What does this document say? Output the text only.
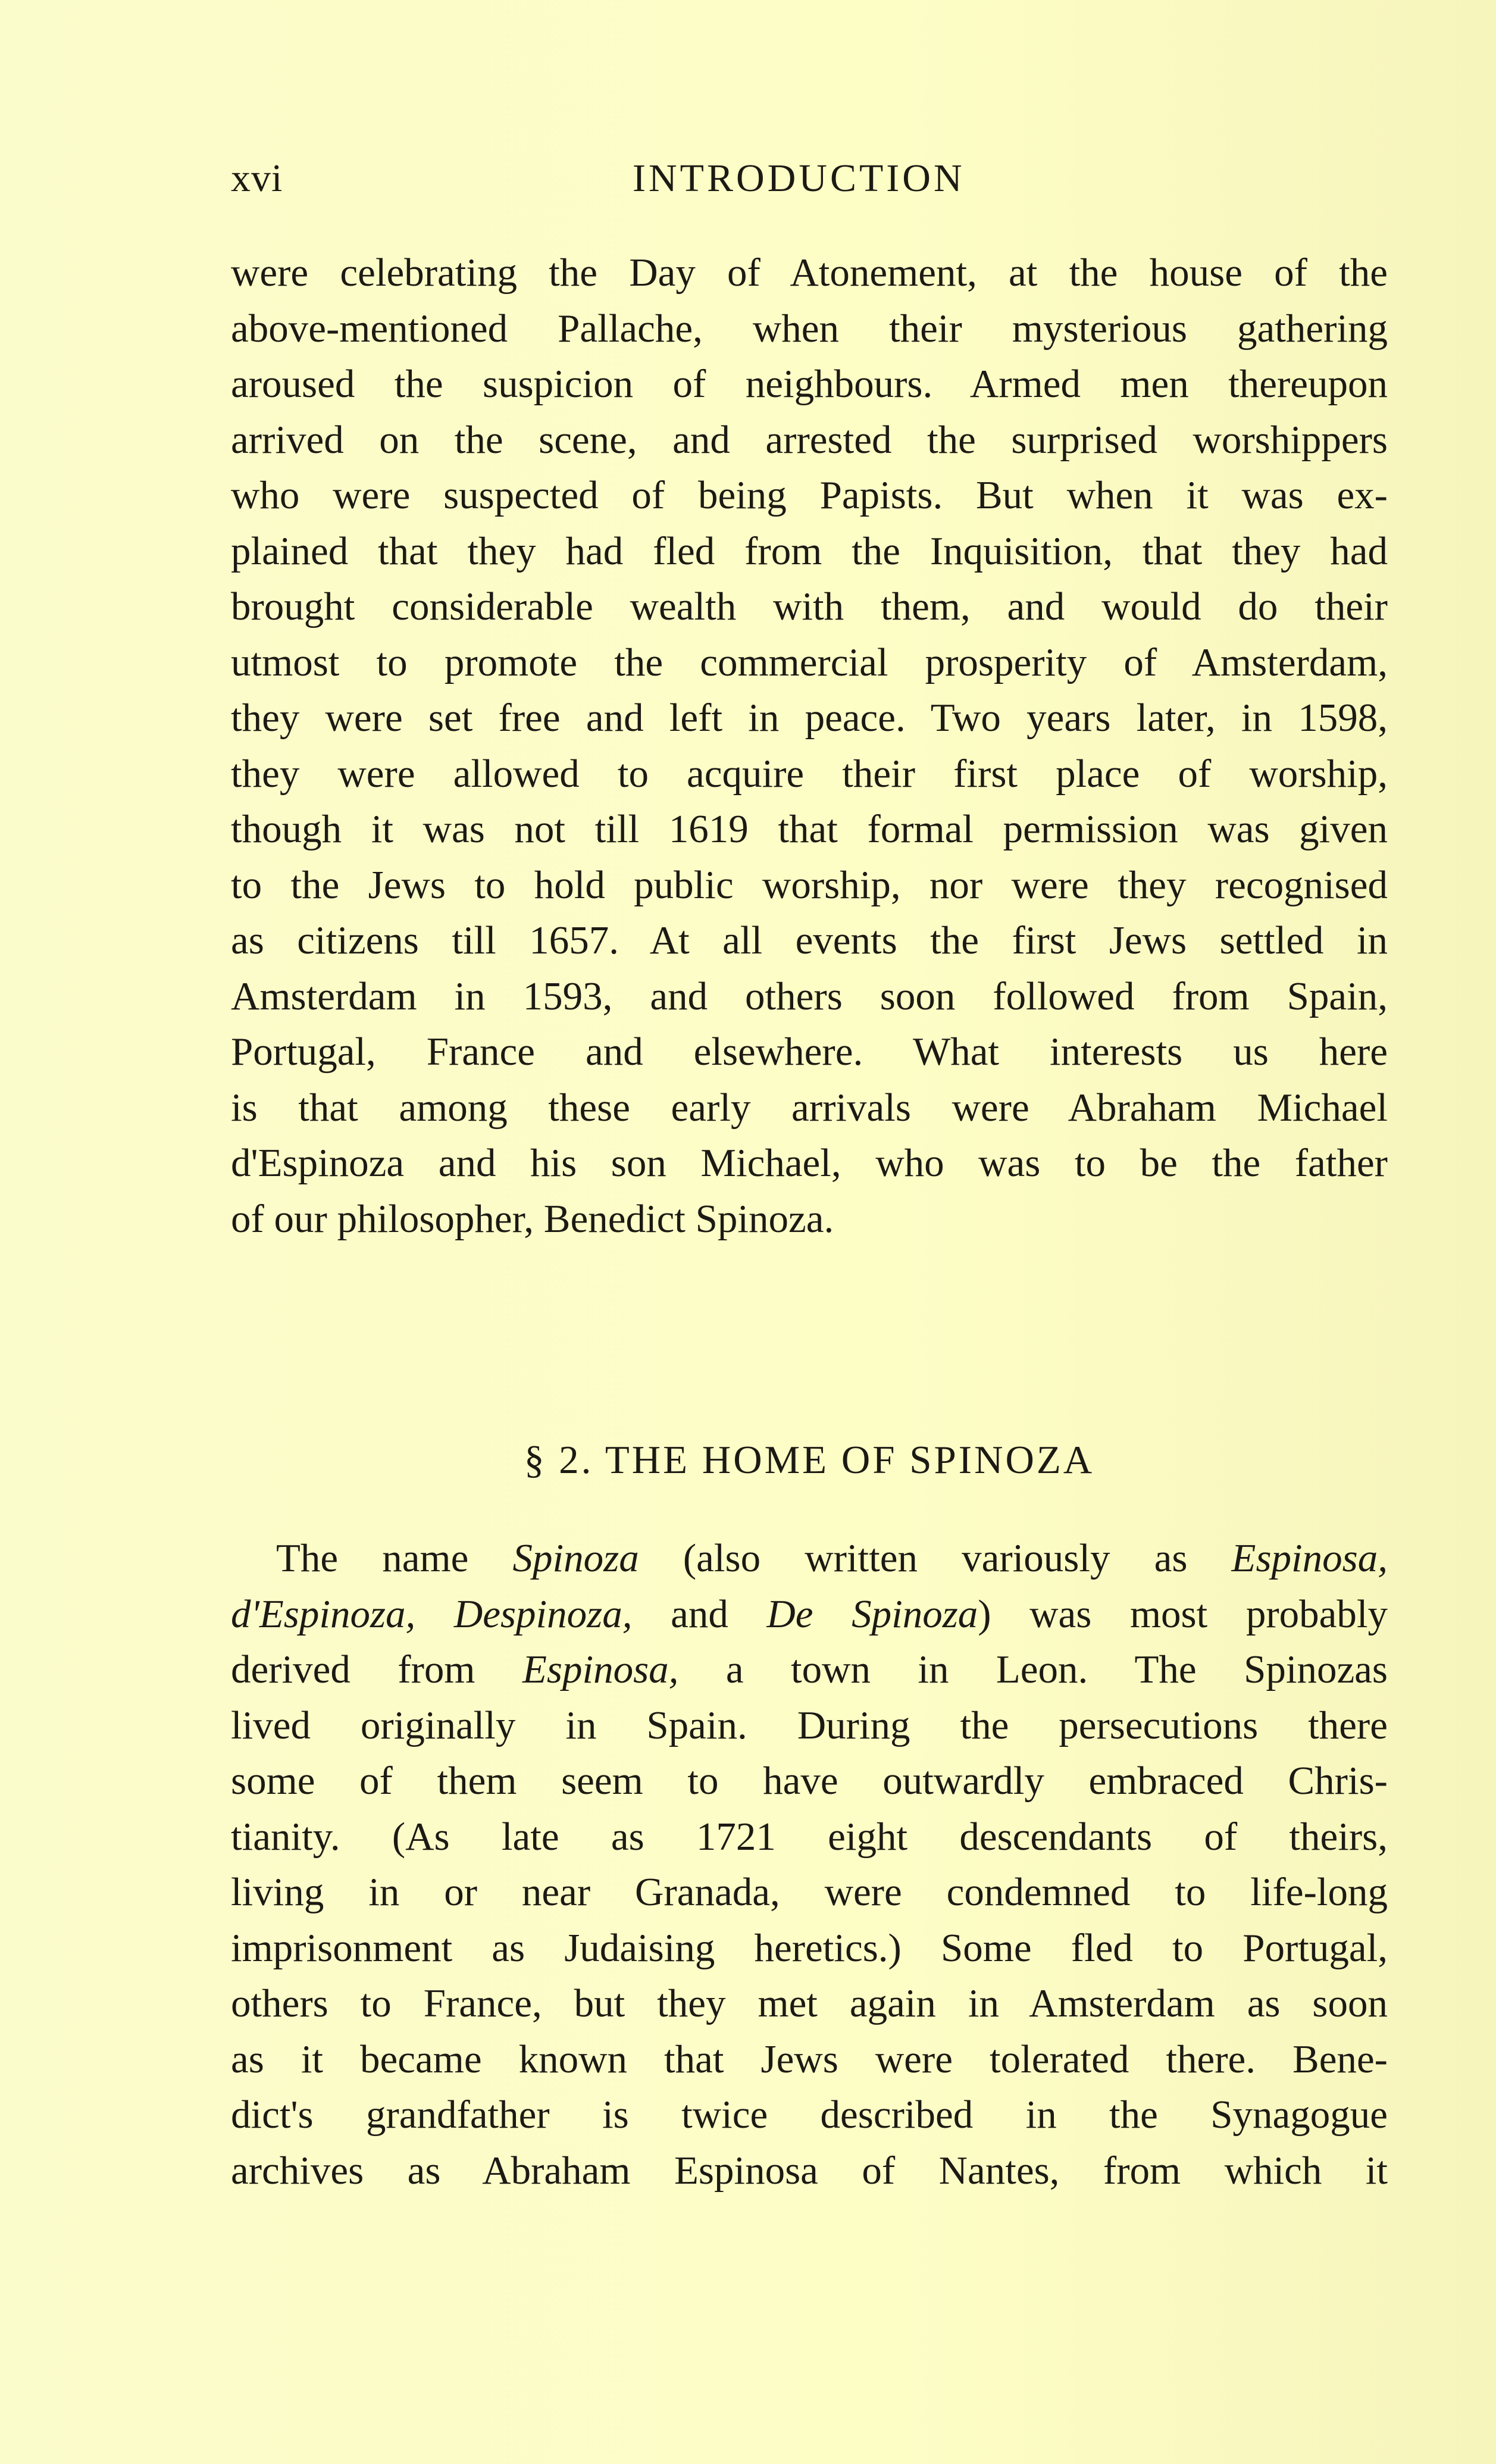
xvi	INTRODUCTION
were celebrating the Day of Atonement, at the house of the
above-mentioned Pallache, when their mysterious gathering
aroused the suspicion of neighbours. Armed men thereupon
arrived on the scene, and arrested the surprised worshippers
who were suspected of being Papists. But when it was ex-
plained that they had fled from the Inquisition, that they had
brought considerable wealth with them, and would do their
utmost to promote the commercial prosperity of Amsterdam,
they were set free and left in peace. Two years later, in 1598,
they were allowed to acquire their first place of worship,
though it was not till 1619 that formal permission was given
to the Jews to hold public worship, nor were they recognised
as citizens till 1657. At all events the first Jews settled in
Amsterdam in 1593, and others soon followed from Spain,
Portugal, France and elsewhere. What interests us here
is that among these early arrivals were Abraham Michael
d'Espinoza and his son Michael, who was to be the father
of our philosopher, Benedict Spinoza.
§ 2. THE HOME OF SPINOZA
The name Spinoza (also written variously as Espinosa,
d'Espinoza, Despinoza, and De Spinoza) was most probably
derived from Espinosa, a town in Leon. The Spinozas
lived originally in Spain. During the persecutions there
some of them seem to have outwardly embraced Chris-
tianity. (As late as 1721 eight descendants of theirs,
living in or near Granada, were condemned to life-long
imprisonment as Judaising heretics.) Some fled to Portugal,
others to France, but they met again in Amsterdam as soon
as it became known that Jews were tolerated there. Bene-
dict's grandfather is twice described in the Synagogue
archives as Abraham Espinosa of Nantes, from which it
